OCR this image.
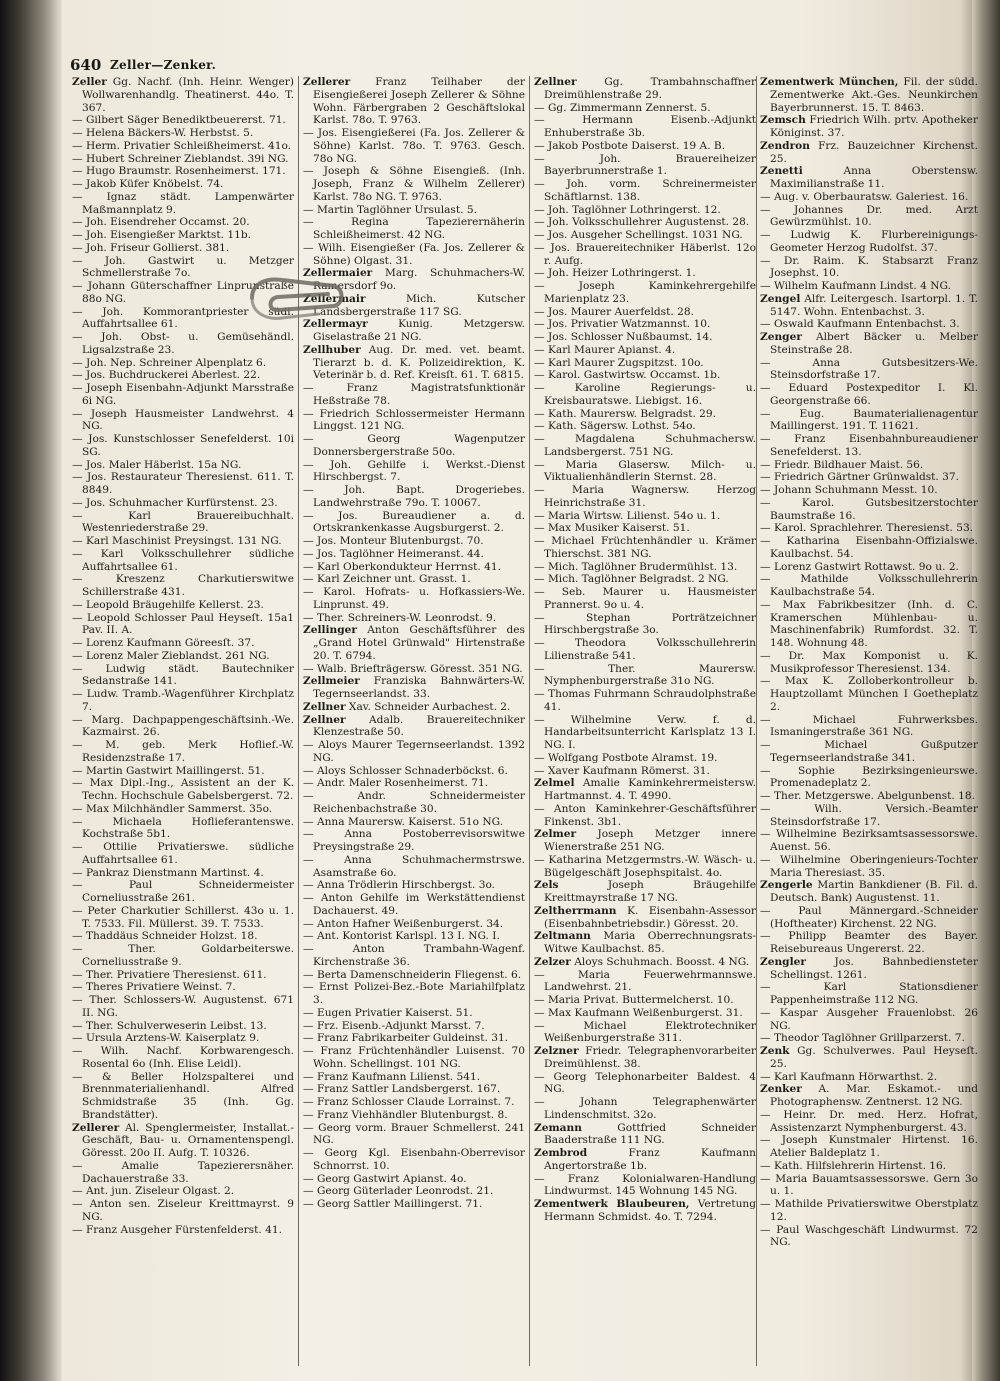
640 Zeller—Zenker.

Zeller Gg. Nachf. (Inh. Heinr. Wenger) Wollwarenhandlg. Theatinerst. 44o. T. 367.

— Gilbert Säger Benediktbeuererst. 71.

— Helena Bäckers-W. Herbstst. 5.

— Herm. Privatier Schleißheimerst. 41o.

— Hubert Schreiner Zieblandst. 39i NG.

— Hugo Braumstr. Rosenheimerst. 171.

— Jakob Küfer Knöbelst. 74.

— Ignaz städt. Lampenwärter Maßmannplatz 9.

— Joh. Eisendreher Occamst. 20.

— Joh. Eisengießer Marktst. 11b.

— Joh. Friseur Gollierst. 381.

— Joh. Gastwirt u. Metzger Schmellerstraße 7o.

— Johann Güterschaffner Linprunstraße 88o NG.

— Joh. Kommorantpriester südl. Auffahrtsallee 61.

— Joh. Obst- u. Gemüsehändl. Ligsalzstraße 23.

— Joh. Nep. Schreiner Alpenplatz 6.

— Jos. Buchdruckerei Aberlest. 22.

— Joseph Eisenbahn-Adjunkt Marsstraße 6i NG.

— Joseph Hausmeister Landwehrst. 4 NG.

— Jos. Kunstschlosser Senefelderst. 10i SG.

— Jos. Maler Häberlst. 15a NG.

— Jos. Restaurateur Theresienst. 611. T. 8849.

— Jos. Schuhmacher Kurfürstenst. 23.

— Karl Brauereibuchhalt. Westenriederstraße 29.

— Karl Maschinist Preysingst. 131 NG.

— Karl Volksschullehrer südliche Auffahrtsallee 61.

— Kreszenz Charkutierswitwe Schillerstraße 431.

— Leopold Bräugehilfe Kellerst. 23.

— Leopold Schlosser Paul Heyseſt. 15a1 Pav. II. A.

— Lorenz Kaufmann Göreesſt. 37.

— Lorenz Maler Zieblandst. 261 NG.

— Ludwig städt. Bautechniker Sedanstraße 141.

— Ludw. Tramb.-Wagenführer Kirchplatz 7.

— Marg. Dachpappengeschäftsinh.-We. Kazmairst. 26.

— M. geb. Merk Hoflief.-W. Residenzstraße 17.

— Martin Gastwirt Maillingerst. 51.

— Max Dipl.-Ing., Assistent an der K. Techn. Hochschule Gabelsbergerst. 72.

— Max Milchhändler Sammerst. 35o.

— Michaela Hoflieferantenswe. Kochstraße 5b1.

— Ottilie Privatierswe. südliche Auffahrtsallee 61.

— Pankraz Dienstmann Martinst. 4.

— Paul Schneidermeister Corneliusstraße 261.

— Peter Charkutier Schillerst. 43o u. 1. T. 7533. Fil. Müllerst. 39. T. 7533.

— Thaddäus Schneider Holzst. 18.

— Ther. Goldarbeiterswe. Corneliusstraße 9.

— Ther. Privatiere Theresienst. 611.

— Theres Privatiere Weinst. 7.

— Ther. Schlossers-W. Augustenst. 671 II. NG.

— Ther. Schulverweserin Leibst. 13.

— Ursula Arztens-W. Kaiserplatz 9.

— Wilh. Nachf. Korbwarengesch. Rosental 6o (Inh. Elise Leidl).

— & Beller Holzspalterei und Brennmaterialienhandl. Alfred Schmidstraße 35 (Inh. Gg. Brandstätter).

Zellerer Al. Spenglermeister, Installat.-Geschäft, Bau- u. Ornamentenspengl. Göresst. 20o II. Aufg. T. 10326.

— Amalie Tapezierersnäher. Dachauerstraße 33.

— Ant. jun. Ziseleur Olgast. 2.

— Anton sen. Ziseleur Kreittmayrst. 9 NG.

— Franz Ausgeher Fürstenfelderst. 41.

Zellerer Franz Teilhaber der Eisengießerei Joseph Zellerer & Söhne Wohn. Färbergraben 2 Geschäftslokal Karlst. 78o. T. 9763.

— Jos. Eisengießerei (Fa. Jos. Zellerer & Söhne) Karlst. 78o. T. 9763. Gesch. 78o NG.

— Joseph & Söhne Eisengieß. (Inh. Joseph, Franz & Wilhelm Zellerer) Karlst. 78o NG. T. 9763.

— Martin Taglöhner Ursulast. 5.

— Regina Tapezierernäherin Schleißheimerst. 42 NG.

— Wilh. Eisengießer (Fa. Jos. Zellerer & Söhne) Olgast. 31.

Zellermaier Marg. Schuhmachers-W. Ramersdorf 9o.

Zellermair	Mich. Kutscher Landsbergerstraße 117 SG.

Zellermayr	Kunig. Metzgersw. Giselastraße 21 NG.

Zellhuber Aug. Dr. med. vet. beamt. Tierarzt b. d. K. Polizeidirektion, K. Veterinär b. d. Ref. Kreisſt. 61. T. 6815.

— Franz Magistratsfunktionär Heßstraße 78.

— Friedrich Schlossermeister Hermann Linggst. 121 NG.

— Georg Wagenputzer Donnersbergerstraße 50o.

— Joh. Gehilfe i. Werkst.-Dienst Hirschbergst. 7.

— Joh. Bapt. Drogeriebes. Landwehrstraße 79o. T. 10067.

— Jos. Bureaudiener a. d. Ortskrankenkasse Augsburgerst. 2.

— Jos. Monteur Blutenburgst. 70.

— Jos. Taglöhner Heimeranst. 44.

— Karl Oberkondukteur Herrnst. 41.

— Karl Zeichner unt. Grasst. 1.

— Karol. Hofrats- u. Hofkassiers-We. Linprunst. 49.

— Ther. Schreiners-W. Leonrodst. 9.

Zellinger Anton Geschäftsführer des „Grand Hotel Grünwald" Hirtenstraße 20. T. 6794.

— Walb. Briefträgersw. Göresst. 351 NG.

Zellmeier Franziska Bahnwärters-W. Tegernseerlandst. 33.

Zellner Xav. Schneider Aurbachest. 2.

Zellner Adalb. Brauereitechniker Klenzestraße 50.

— Aloys Maurer Tegernseerlandst. 1392 NG.

— Aloys Schlosser Schnaderböckst. 6.

— Andr. Maler Rosenheimerst. 71.

— Andr. Schneidermeister Reichenbachstraße 30.

— Anna Maurersw. Kaiserst. 51o NG.

— Anna Postoberrevisorswitwe Preysingstraße 29.

— Anna Schuhmachermstrswe. Asamstraße 6o.

— Anna Trödlerin Hirschbergst. 3o.

— Anton Gehilfe im Werkstättendienst Dachauerst. 49.

— Anton Hafner Weißenburgerst. 34.

— Ant. Kontorist Karlspl. 13 I. NG. I.

— Anton Trambahn-Wagenf. Kirchenstraße 36.

— Berta Damenschneiderin Fliegenst. 6.

— Ernst Polizei-Bez.-Bote Mariahilfplatz 3.

— Eugen Privatier Kaiserst. 51.

— Frz. Eisenb.-Adjunkt Marsst. 7.

— Franz Fabrikarbeiter Guldeinst. 31.

— Franz Früchtenhändler Luisenst. 70 Wohn. Schellingst. 101 NG.

— Franz Kaufmann Lilienst. 541.

— Franz Sattler Landsbergerst. 167.

— Franz Schlosser Claude Lorrainst. 7.

— Franz Viehhändler Blutenburgst. 8.

— Georg vorm. Brauer Schmellerst. 241 NG.

— Georg Kgl. Eisenbahn-Oberrevisor Schnorrst. 10.

— Georg Gastwirt Apianst. 4o.

— Georg Güterlader Leonrodst. 21.

— Georg Sattler Maillingerst. 71.

Zellner	Gg. Trambahnschaffner Dreimühlenstraße 29.

— Gg. Zimmermann Zennerst. 5.

— Hermann Eisenb.-Adjunkt Enhuberstraße 3b.

— Jakob Postbote Daiserst. 19 A. B.

— Joh. Brauereiheizer Bayerbrunnerstraße 1.

— Joh. vorm. Schreinermeister Schäftlarnst. 138.

— Joh. Taglöhner Lothringerst. 12.

— Joh. Volksschullehrer Augustenst. 28.

— Jos. Ausgeher Schellingst. 1031 NG.

— Jos. Brauereitechniker Häberlst. 12o r. Aufg.

— Joh. Heizer Lothringerst. 1.

— Joseph Kaminkehrergehilfe Marienplatz 23.

— Jos. Maurer Auerfeldst. 28.

— Jos. Privatier Watzmannst. 10.

— Jos. Schlosser Nußbaumst. 14.

— Karl Maurer Apianst. 4.

— Karl Maurer Zugspitzst. 10o.

— Karol. Gastwirtsw. Occamst. 1b.

— Karoline Regierungs- u. Kreisbauratswe. Liebigst. 16.

— Kath. Maurersw. Belgradst. 29.

— Kath. Sägersw. Lothst. 54o.

— Magdalena Schuhmachersw. Landsbergerst. 751 NG.

— Maria Glasersw. Milch- u. Viktualienhändlerin Sternst. 28.

— Maria Wagnersw. Herzog Heinrichstraße 31.

— Maria Wirtsw. Lilienst. 54o u. 1.

— Max Musiker Kaiserst. 51.

— Michael Früchtenhändler u. Krämer Thierschst. 381 NG.

— Mich. Taglöhner Brudermühlst. 13.

— Mich. Taglöhner Belgradst. 2 NG.

— Seb. Maurer u. Hausmeister Prannerst. 9o u. 4.

— Stephan Porträtzeichner Hirschbergstraße 3o.

— Theodora Volksschullehrerin Lilienstraße 541.

— Ther. Maurersw. Nymphenburgerstraße 31o NG.

— Thomas Fuhrmann Schraudolphstraße 41.

— Wilhelmine Verw. f. d. Handarbeitsunterricht Karlsplatz 13 I. NG. I.

— Wolfgang Postbote Alramst. 19.

— Xaver Kaufmann Römerst. 31.

Zelmel Amalie Kaminkehrermeistersw. Hartmannst. 4. T. 4990.

— Anton Kaminkehrer-Geschäftsführer Finkenst. 3b1.

Zelmer Joseph Metzger innere Wienerstraße 251 NG.

— Katharina Metzgermstrs.-W. Wäsch- u. Bügelgeschäft Josephspitalst. 4o.

Zels	Joseph Bräugehilfe Kreittmayrstraße 17 NG.

Zeltherrmann K. Eisenbahn-Assessor (Eisenbahnbetriebsdir.) Göresst. 20.

Zeltmann Maria Oberrechnungsrats-Witwe Kaulbachst. 85.

Zelzer Aloys Schuhmach. Boosst. 4 NG.

— Maria Feuerwehrmannswe. Landwehrst. 21.

— Maria Privat. Buttermelcherst. 10.

— Max Kaufmann Weißenburgerst. 31.

— Michael Elektrotechniker Weißenburgerstraße 311.

Zelzner Friedr. Telegraphenvorarbeiter Dreimühlenst. 38.

— Georg Telephonarbeiter Baldest. 4 NG.

— Johann Telegraphenwärter Lindenschmitst. 32o.

Zemann	Gottfried Schneider Baaderstraße 111 NG.

Zembrod	Franz Kaufmann Angertorstraße 1b.

— Franz Kolonialwaren-Handlung Lindwurmst. 145 Wohnung 145 NG.

Zementwerk Blaubeuren, Vertretung Hermann Schmidst. 4o. T. 7294.

Zementwerk München, Fil. der südd. Zementwerke Akt.-Ges. Neunkirchen Bayerbrunnerst. 15. T. 8463.

Zemsch Friedrich Wilh. prtv. Apotheker Königinst. 37.

Zendron Frz. Bauzeichner Kirchenst. 25.

Zenetti	Anna Oberstensw. Maximilianstraße 11.

— Aug. v. Oberbauratsw. Galeriest. 16.

— Johannes Dr. med. Arzt Gewürzmühlst. 10.

— Ludwig K. Flurbereinigungs-Geometer Herzog Rudolfst. 37.

— Dr. Raim. K. Stabsarzt Franz Josephst. 10.

— Wilhelm Kaufmann Lindst. 4 NG.

Zengel Alfr. Leitergesch. Isartorpl. 1. T. 5147. Wohn. Entenbachst. 3.

— Oswald Kaufmann Entenbachst. 3.

Zenger Albert Bäcker u. Melber Steinstraße 28.

— Anna Gutsbesitzers-We. Steinsdorfstraße 17.

— Eduard Postexpeditor I. Kl. Georgenstraße 66.

— Eug. Baumaterialienagentur Maillingerst. 191. T. 11621.

— Franz Eisenbahnbureaudiener Senefelderst. 13.

— Friedr. Bildhauer Maist. 56.

— Friedrich Gärtner Grünwaldst. 37.

— Johann Schuhmann Messt. 10.

— Karol. Gutsbesitzerstochter Baumstraße 16.

— Karol. Sprachlehrer. Theresienst. 53.

— Katharina Eisenbahn-Offizialswe. Kaulbachst. 54.

— Lorenz Gastwirt Rottawst. 9o u. 2.

— Mathilde Volksschullehrerin Kaulbachstraße 54.

— Max Fabrikbesitzer (Inh. d. C. Kramerschen Mühlenbau- u. Maschinenfabrik) Rumfordst. 32. T. 148. Wohnung 48.

— Dr. Max Komponist u. K. Musikprofessor Theresienst. 134.

— Max K. Zolloberkontrolleur b. Hauptzollamt München I Goetheplatz 2.

— Michael Fuhrwerksbes. Ismaningerstraße 361 NG.

— Michael Gußputzer Tegernseerlandstraße 341.

— Sophie Bezirksingenieurswe. Promenadeplatz 2.

— Ther. Metzgerswe. Abelgunbenst. 18.

— Wilh. Versich.-Beamter Steinsdorfstraße 17.

— Wilhelmine Bezirksamtsassessorswe. Auenst. 56.

— Wilhelmine Oberingenieurs-Tochter Maria Theresiast. 35.

Zengerle Martin Bankdiener (B. Fil. d. Deutsch. Bank) Augustenst. 11.

— Paul Männergard.-Schneider (Hoftheater) Kirchenst. 22 NG.

— Philipp Beamter des Bayer. Reisebureaus Ungererst. 22.

Zengler	Jos. Bahnbediensteter Schellingst. 1261.

— Karl Stationsdiener Pappenheimstraße 112 NG.

— Kaspar Ausgeher Frauenlobst. 26 NG.

— Theodor Taglöhner Grillparzerst. 7.

Zenk Gg. Schulverwes. Paul Heyseſt. 25.

— Karl Kaufmann Hörwarthst. 2.

Zenker A. Mar. Eskamot.- und Photographensw. Zentnerst. 12 NG.

— Heinr. Dr. med. Herz. Hofrat, Assistenzarzt Nymphenburgerst. 43.

— Joseph Kunstmaler Hirtenst. 16. Atelier Baldeplatz 1.

— Kath. Hilfslehrerin Hirtenst. 16.

— Maria Bauamtsassessorswe. Gern 3o u. 1.

— Mathilde Privatierswitwe Oberstplatz 12.

— Paul Waschgeschäft Lindwurmst. 72 NG.
